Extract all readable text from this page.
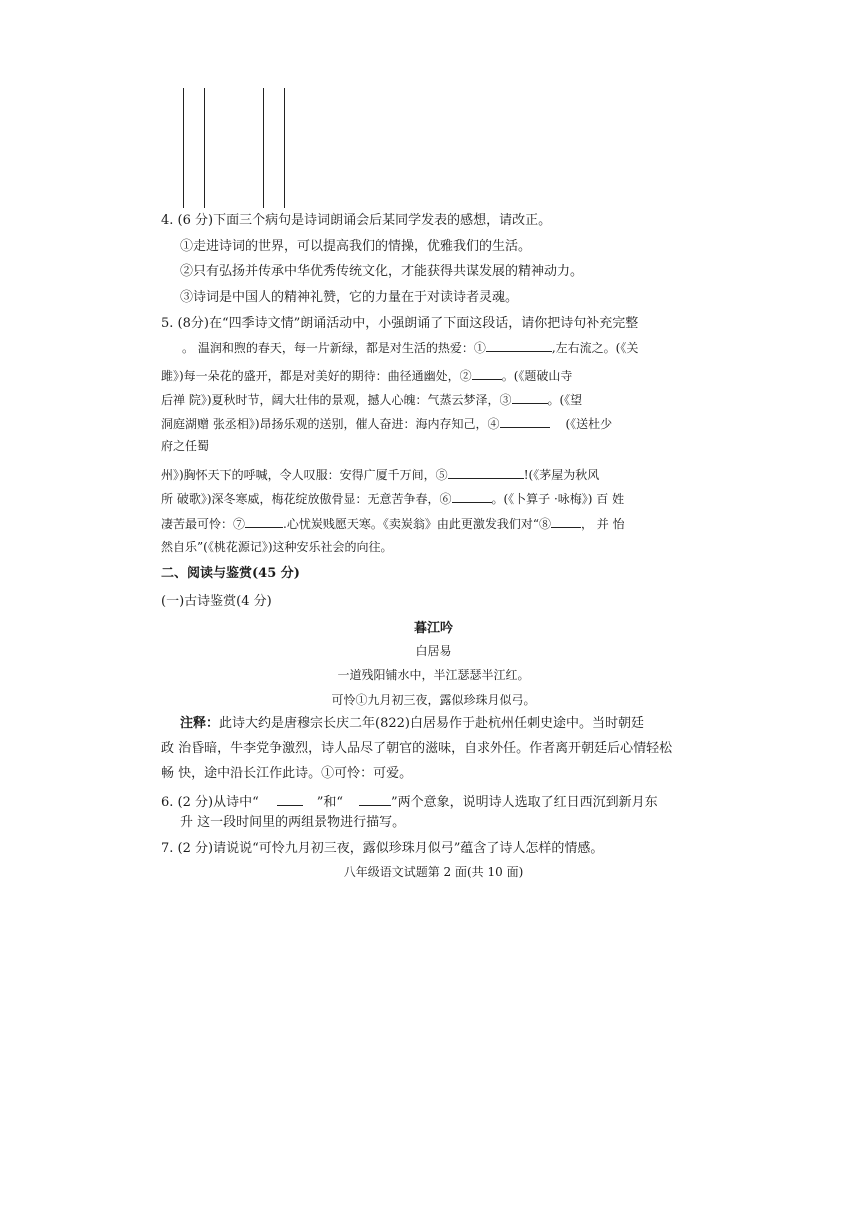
4. (6 分)下面三个病句是诗词朗诵会后某同学发表的感想，请改正。
①走进诗词的世界，可以提高我们的情操，优雅我们的生活。
②只有弘扬并传承中华优秀传统文化，才能获得共谋发展的精神动力。
③诗词是中国人的精神礼赞，它的力量在于对读诗者灵魂。
5. (8分)在“四季诗文情”朗诵活动中，小强朗诵了下面这段话，请你把诗句补充完整
。 温润和煦的春天，每一片新绿，都是对生活的热爱：①	,左右流之。(《关
雎》)每一朵花的盛开，都是对美好的期待：曲径通幽处，②	。(《题破山寺
后禅 院》)夏秋时节，阔大壮伟的景观，撼人心魄：气蒸云梦泽，③	。(《望
洞庭湖赠 张丞相》)昂扬乐观的送别，催人奋进：海内存知己，④	(《送杜少
府之任蜀
州》)胸怀天下的呼喊，令人叹服：安得广厦千万间，⑤	!(《茅屋为秋风
所 破歌》)深冬寒威，梅花绽放傲骨显：无意苦争春，⑥	。(《卜算子 ·咏梅》) 百 姓
凄苦最可怜：⑦	.心忧炭贱愿天寒。《卖炭翁》由此更激发我们对“⑧	， 并 怡
然自乐”(《桃花源记》)这种安乐社会的向往。
二、阅读与鉴赏(45 分)
(一)古诗鉴赏(4 分)
暮江吟
白居易
一道残阳铺水中，半江瑟瑟半江红。
可怜①九月初三夜，露似珍珠月似弓。
注释：此诗大约是唐穆宗长庆二年(822)白居易作于赴杭州任刺史途中。当时朝廷
政 治昏暗，牛李党争激烈，诗人品尽了朝官的滋味，自求外任。作者离开朝廷后心情轻松
畅 快，途中沿长江作此诗。①可怜：可爱。
6. (2 分)从诗中“	”和“	”两个意象，说明诗人选取了红日西沉到新月东
升 这一段时间里的两组景物进行描写。
7. (2 分)请说说“可怜九月初三夜，露似珍珠月似弓”蕴含了诗人怎样的情感。
八年级语文试题第 2 面(共 10 面)
